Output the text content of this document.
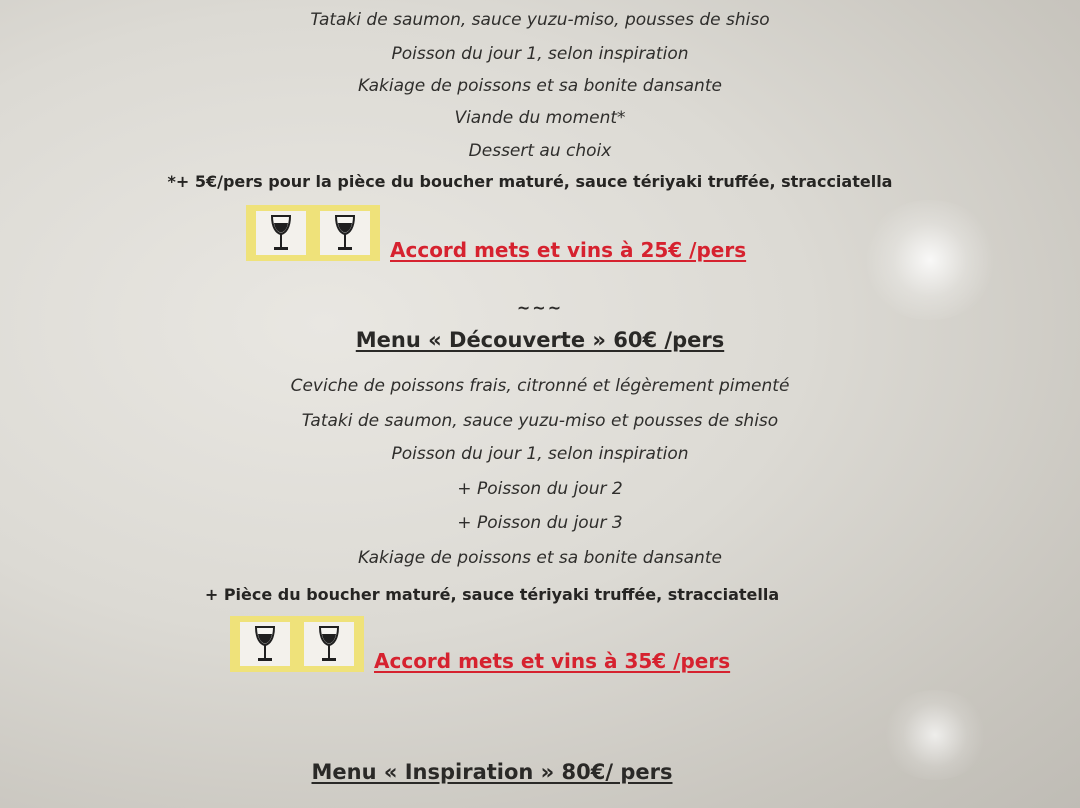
Tataki de saumon, sauce yuzu-miso, pousses de shiso
Poisson du jour 1, selon inspiration
Kakiage de poissons et sa bonite dansante
Viande du moment*
Dessert au choix
*+ 5€/pers pour la pièce du boucher maturé, sauce tériyaki truffée, stracciatella
Accord mets et vins à 25€ /pers
~~~
Menu « Découverte » 60€ /pers
Ceviche de poissons frais, citronné et légèrement pimenté
Tataki de saumon, sauce yuzu-miso et pousses de shiso
Poisson du jour 1, selon inspiration
+ Poisson du jour 2
+ Poisson du jour 3
Kakiage de poissons et sa bonite dansante
+ Pièce du boucher maturé, sauce tériyaki truffée, stracciatella
Accord mets et vins à 35€ /pers
Menu « Inspiration » 80€/ pers
